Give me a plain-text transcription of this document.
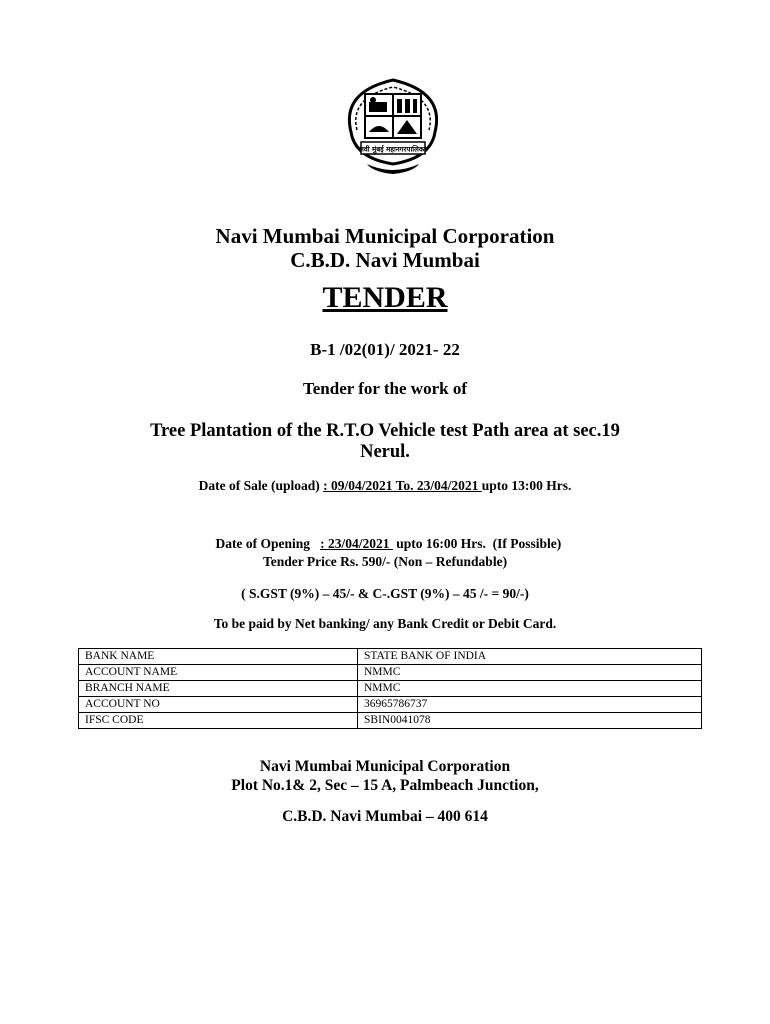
नवी मुंबई महानगरपालिका
Navi Mumbai Municipal Corporation
C.B.D. Navi Mumbai
TENDER
B-1 /02(01)/ 2021- 22
Tender for the work of
Tree Plantation of the R.T.O Vehicle test Path area at sec.19
Nerul.
Date of Sale (upload) : 09/04/2021 To. 23/04/2021 upto 13:00 Hrs.

Date of Opening   : 23/04/2021  upto 16:00 Hrs.  (If Possible)

Tender Price Rs. 590/- (Non – Refundable)
( S.GST (9%) – 45/- & C-.GST (9%) – 45 /- = 90/-)
To be paid by Net banking/ any Bank Credit or Debit Card.
BANK NAME	STATE BANK OF INDIA
ACCOUNT NAME	NMMC
BRANCH NAME	NMMC
ACCOUNT NO	36965786737
IFSC CODE	SBIN0041078
Navi Mumbai Municipal Corporation
Plot No.1& 2, Sec – 15 A, Palmbeach Junction,
C.B.D. Navi Mumbai – 400 614
